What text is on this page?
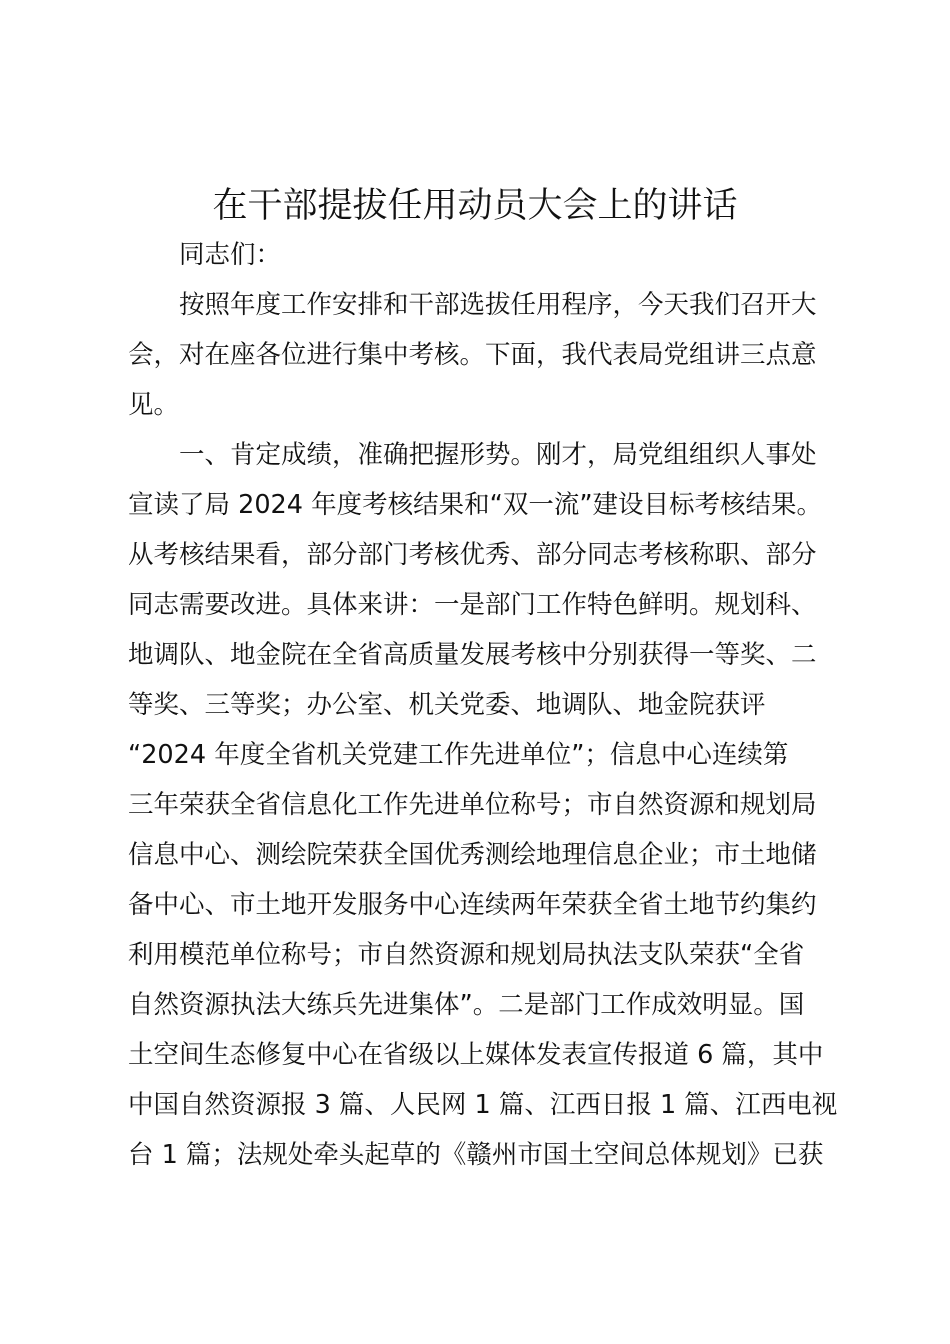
在干部提拔任用动员大会上的讲话
同志们：
按照年度工作安排和干部选拔任用程序，今天我们召开大
会，对在座各位进行集中考核。下面，我代表局党组讲三点意
见。
一、肯定成绩，准确把握形势。刚才，局党组组织人事处
宣读了局 2024 年度考核结果和“双一流”建设目标考核结果。
从考核结果看，部分部门考核优秀、部分同志考核称职、部分
同志需要改进。具体来讲：一是部门工作特色鲜明。规划科、
地调队、地金院在全省高质量发展考核中分别获得一等奖、二
等奖、三等奖；办公室、机关党委、地调队、地金院获评
“2024 年度全省机关党建工作先进单位”；信息中心连续第
三年荣获全省信息化工作先进单位称号；市自然资源和规划局
信息中心、测绘院荣获全国优秀测绘地理信息企业；市土地储
备中心、市土地开发服务中心连续两年荣获全省土地节约集约
利用模范单位称号；市自然资源和规划局执法支队荣获“全省
自然资源执法大练兵先进集体”。二是部门工作成效明显。国
土空间生态修复中心在省级以上媒体发表宣传报道 6 篇，其中
中国自然资源报 3 篇、人民网 1 篇、江西日报 1 篇、江西电视
台 1 篇；法规处牵头起草的《赣州市国土空间总体规划》已获
